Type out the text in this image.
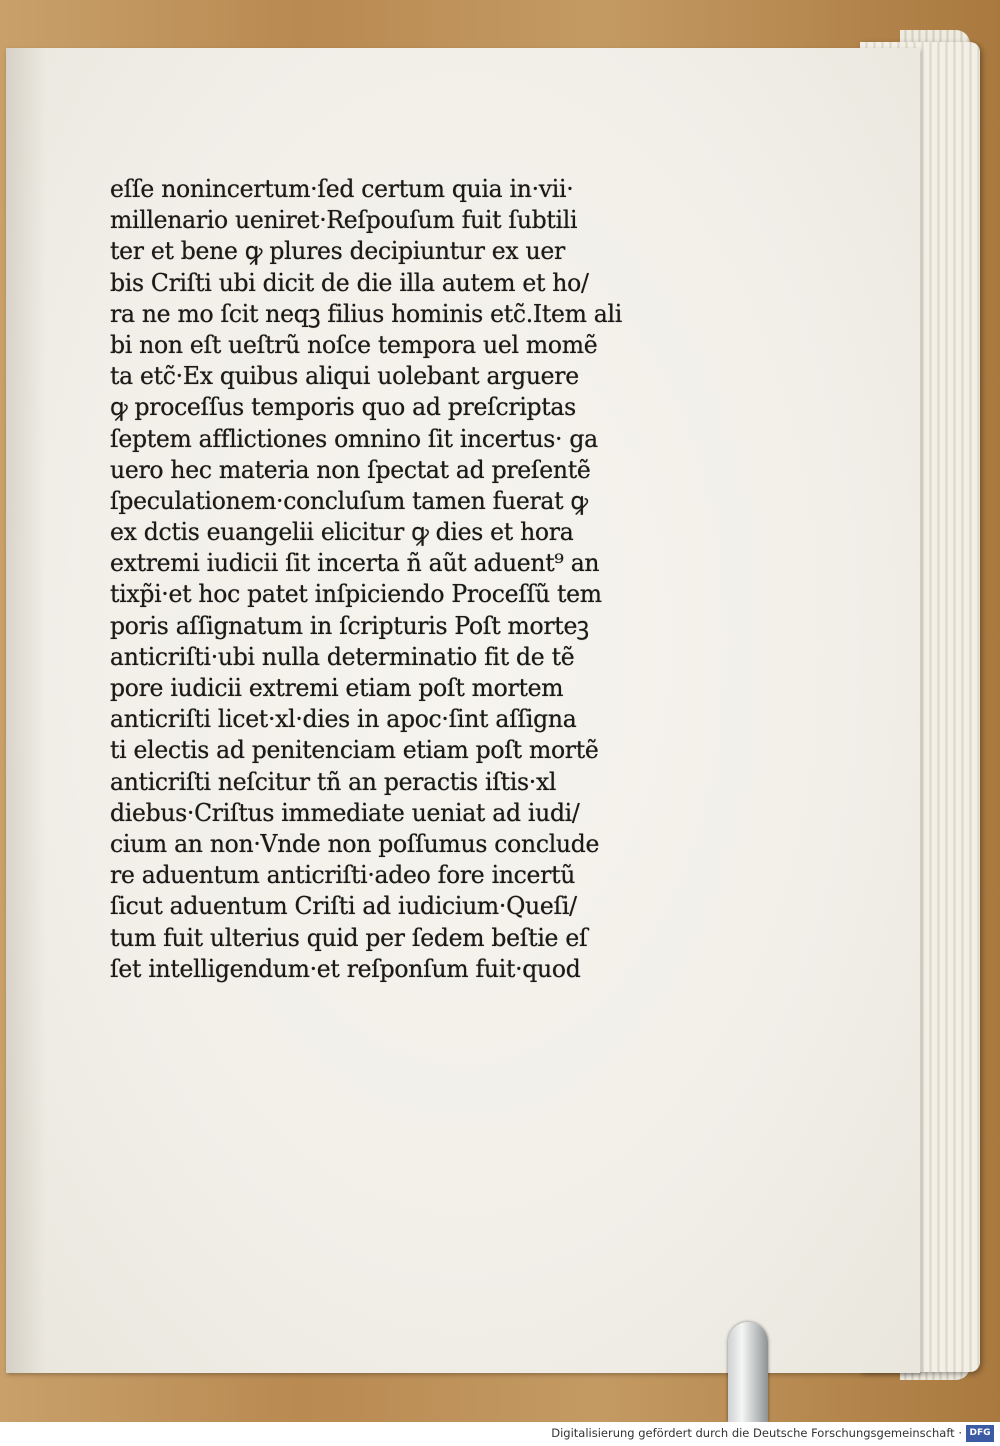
eſſe nonincertum·ſed certum quia in·vii·
millenario ueniret·Reſpouſum fuit ſubtili
ter et bene ꝙ plures decipiuntur ex uer
bis Criſti ubi dicit de die illa autem et ho/
ra ne mo ſcit neqꝫ filius hominis etc̃.Item ali
bi non eſt ueſtrũ noſce tempora uel momẽ
ta etc̃·Ex quibus aliqui uolebant arguere
ꝙ proceſſus temporis quo ad preſcriptas
ſeptem afflictiones omnino ſit incertus· ga
uero hec materia non ſpectat ad preſentẽ
ſpeculationem·concluſum tamen fuerat ꝙ
ex dctis euangelii elicitur ꝙ dies et hora
extremi iudicii ſit incerta ñ aũt aduent⁹ an
tixp̃i·et hoc patet inſpiciendo Proceſſũ tem
poris aſſignatum in ſcripturis Poſt morteꝫ
anticriſti·ubi nulla determinatio fit de tẽ
pore iudicii extremi etiam poſt mortem
anticriſti licet·xl·dies in apoc·ſint aſſigna
ti electis ad penitenciam etiam poſt mortẽ
anticriſti neſcitur tñ an peractis iſtis·xl
diebus·Criſtus immediate ueniat ad iudi/
cium an non·Vnde non poſſumus conclude
re aduentum anticriſti·adeo fore incertũ
ſicut aduentum Criſti ad iudicium·Queſi/
tum fuit ulterius quid per ſedem beſtie eſ
ſet intelligendum·et reſponſum fuit·quod
Digitalisierung gefördert durch die Deutsche Forschungsgemeinschaft · DFG
